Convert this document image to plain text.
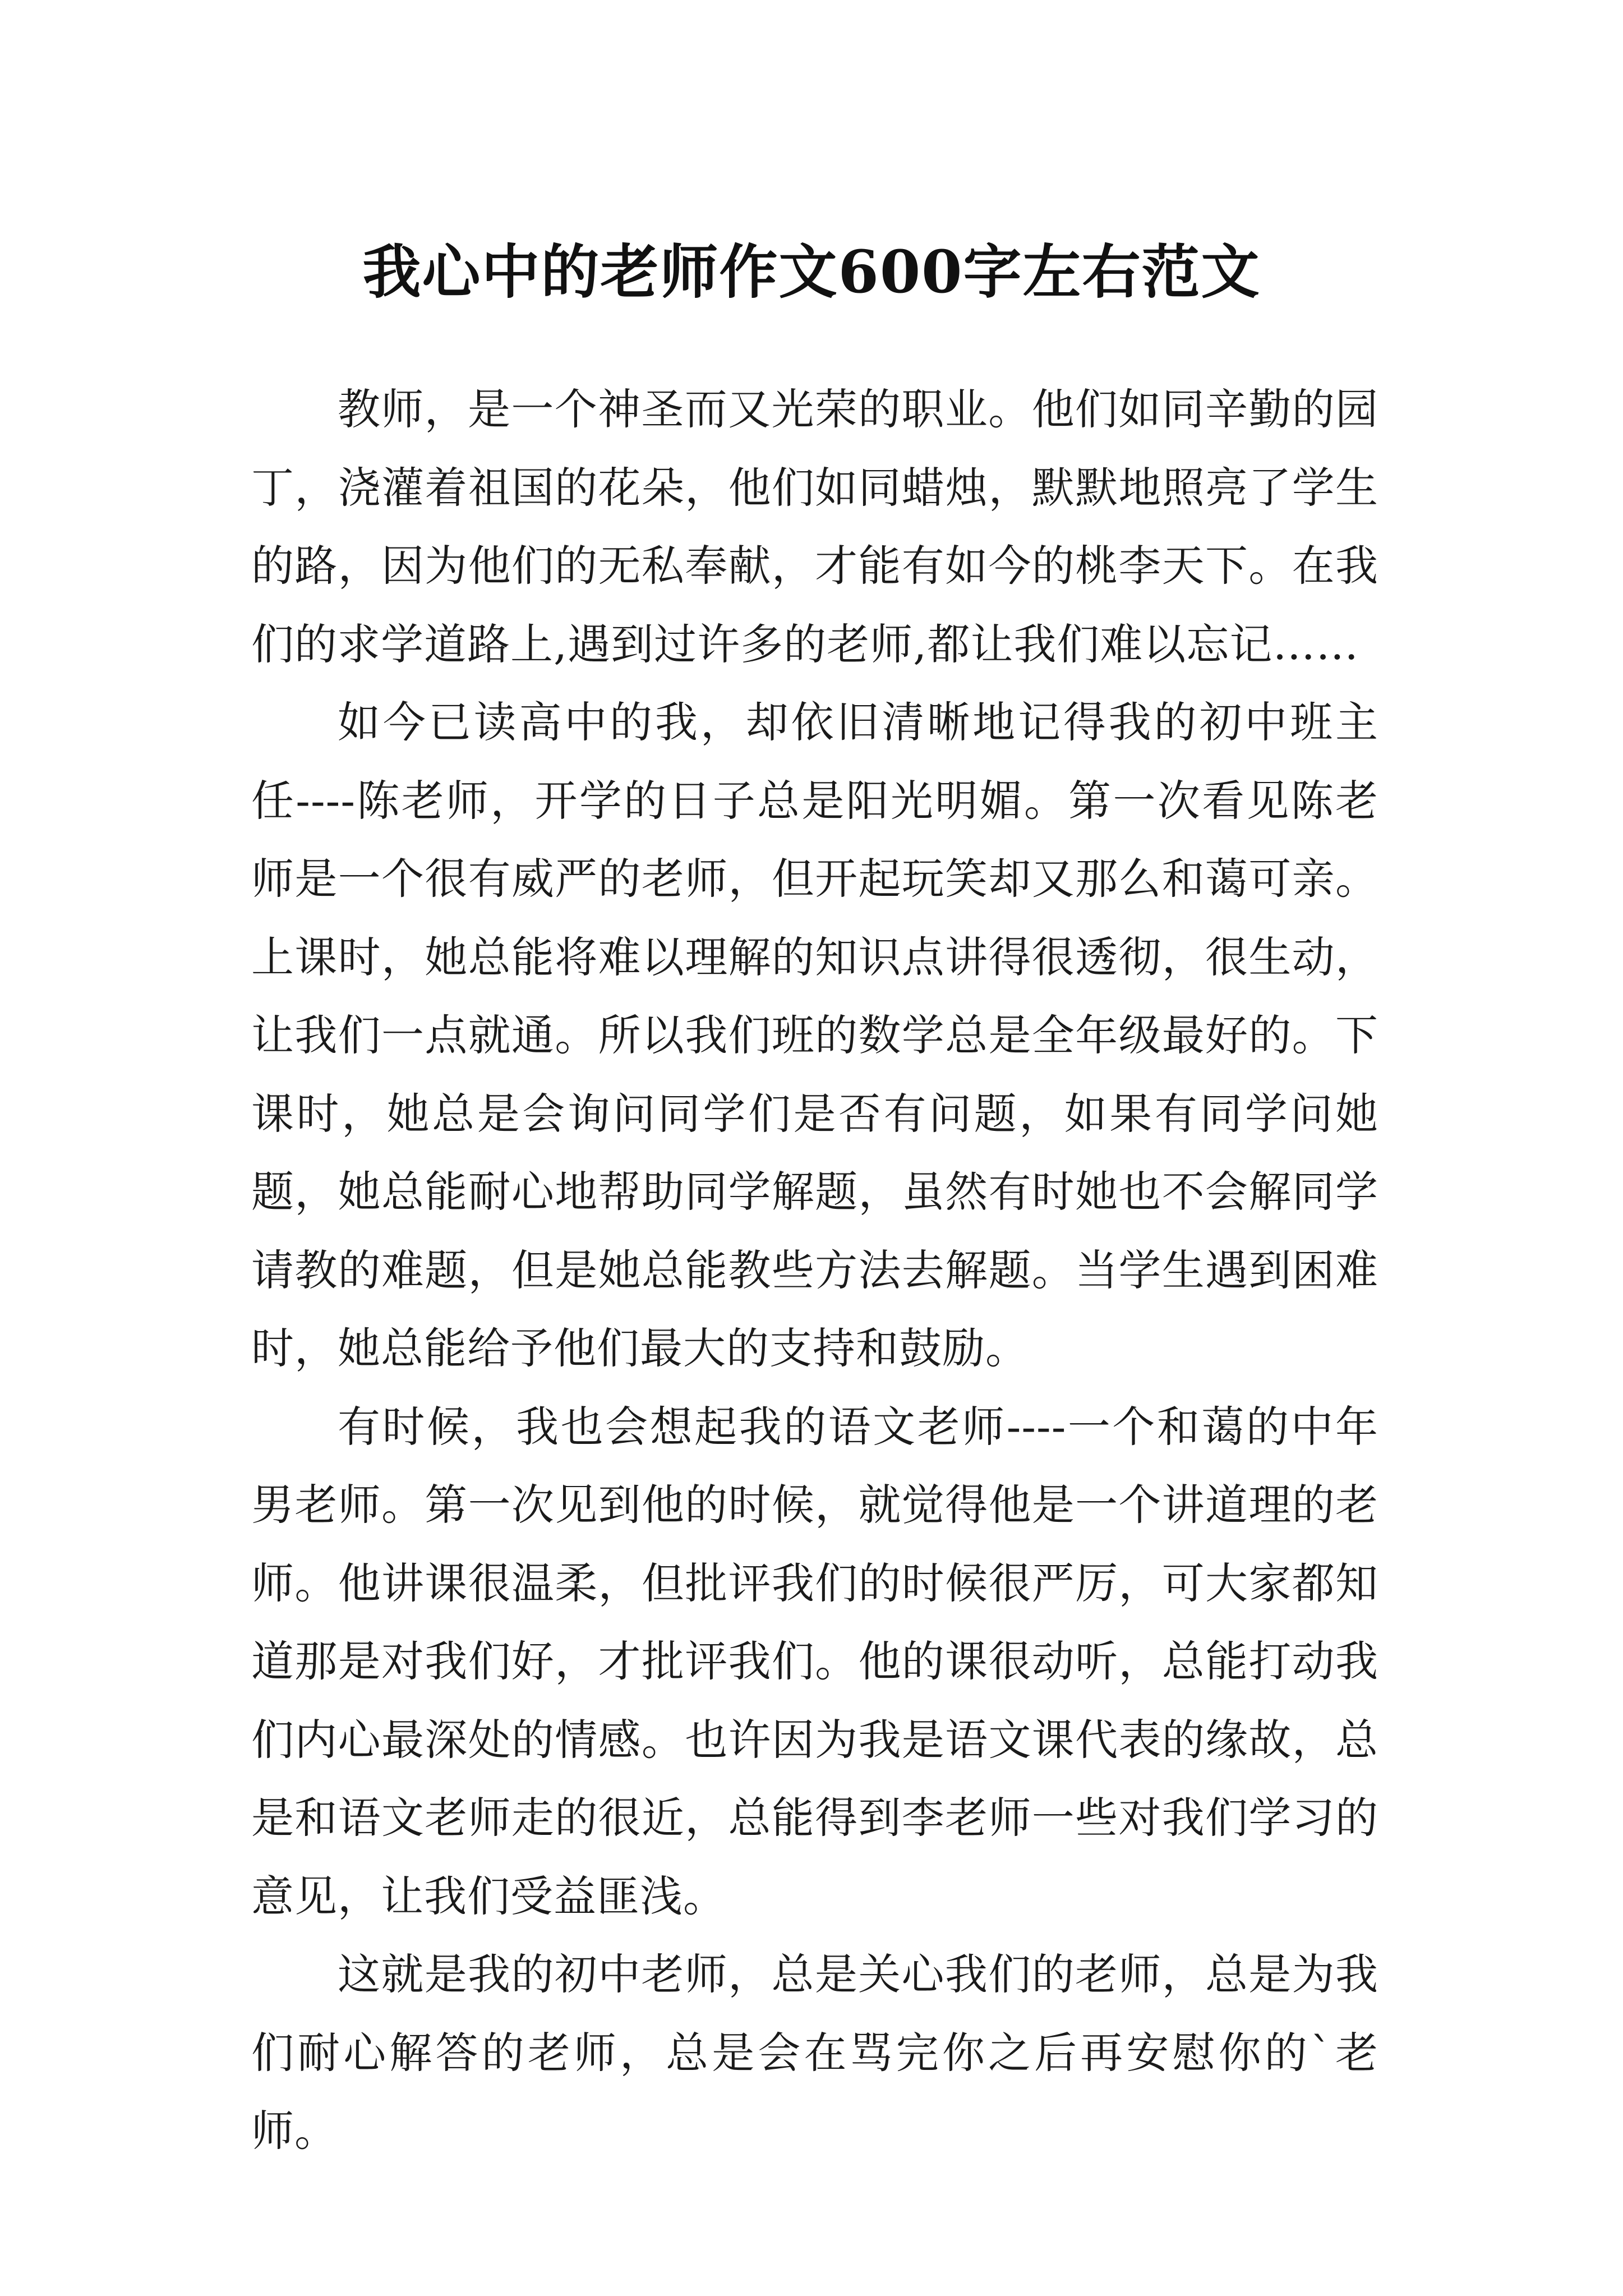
我心中的老师作文600字左右范文

教师，是一个神圣而又光荣的职业。他们如同辛勤的园丁，浇灌着祖国的花朵，他们如同蜡烛，默默地照亮了学生的路，因为他们的无私奉献，才能有如今的桃李天下。在我们的求学道路上,遇到过许多的老师,都让我们难以忘记……

如今已读高中的我，却依旧清晰地记得我的初中班主任----陈老师，开学的日子总是阳光明媚。第一次看见陈老师是一个很有威严的老师，但开起玩笑却又那么和蔼可亲。上课时，她总能将难以理解的知识点讲得很透彻，很生动，让我们一点就通。所以我们班的数学总是全年级最好的。下课时，她总是会询问同学们是否有问题，如果有同学问她题，她总能耐心地帮助同学解题，虽然有时她也不会解同学请教的难题，但是她总能教些方法去解题。当学生遇到困难时，她总能给予他们最大的支持和鼓励。

有时候，我也会想起我的语文老师----一个和蔼的中年男老师。第一次见到他的时候，就觉得他是一个讲道理的老师。他讲课很温柔，但批评我们的时候很严厉，可大家都知道那是对我们好，才批评我们。他的课很动听，总能打动我们内心最深处的情感。也许因为我是语文课代表的缘故，总是和语文老师走的很近，总能得到李老师一些对我们学习的意见，让我们受益匪浅。

这就是我的初中老师，总是关心我们的老师，总是为我们耐心解答的老师，总是会在骂完你之后再安慰你的`老师。
